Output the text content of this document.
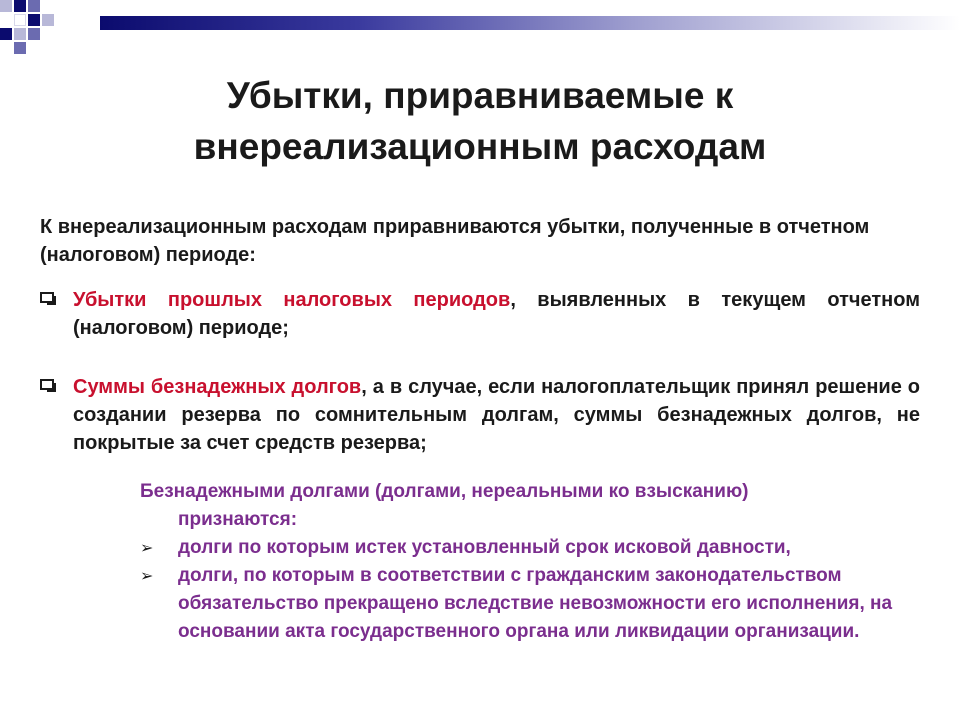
Убытки, приравниваемые к
внереализационным расходам
К внереализационным расходам приравниваются убытки, полученные в отчетном (налоговом) периоде:
Убытки прошлых налоговых периодов, выявленных в текущем отчетном (налоговом) периоде;
Суммы безнадежных долгов, а в случае, если налогоплательщик принял решение о создании резерва по сомнительным долгам, суммы безнадежных долгов, не покрытые за счет средств резерва;
Безнадежными долгами (долгами, нереальными ко взысканию)
признаются:
➢	долги по которым истек установленный срок исковой давности,
➢	долги, по которым в соответствии с гражданским законодательством обязательство прекращено вследствие невозможности его исполнения, на основании акта государственного органа или ликвидации организации.
